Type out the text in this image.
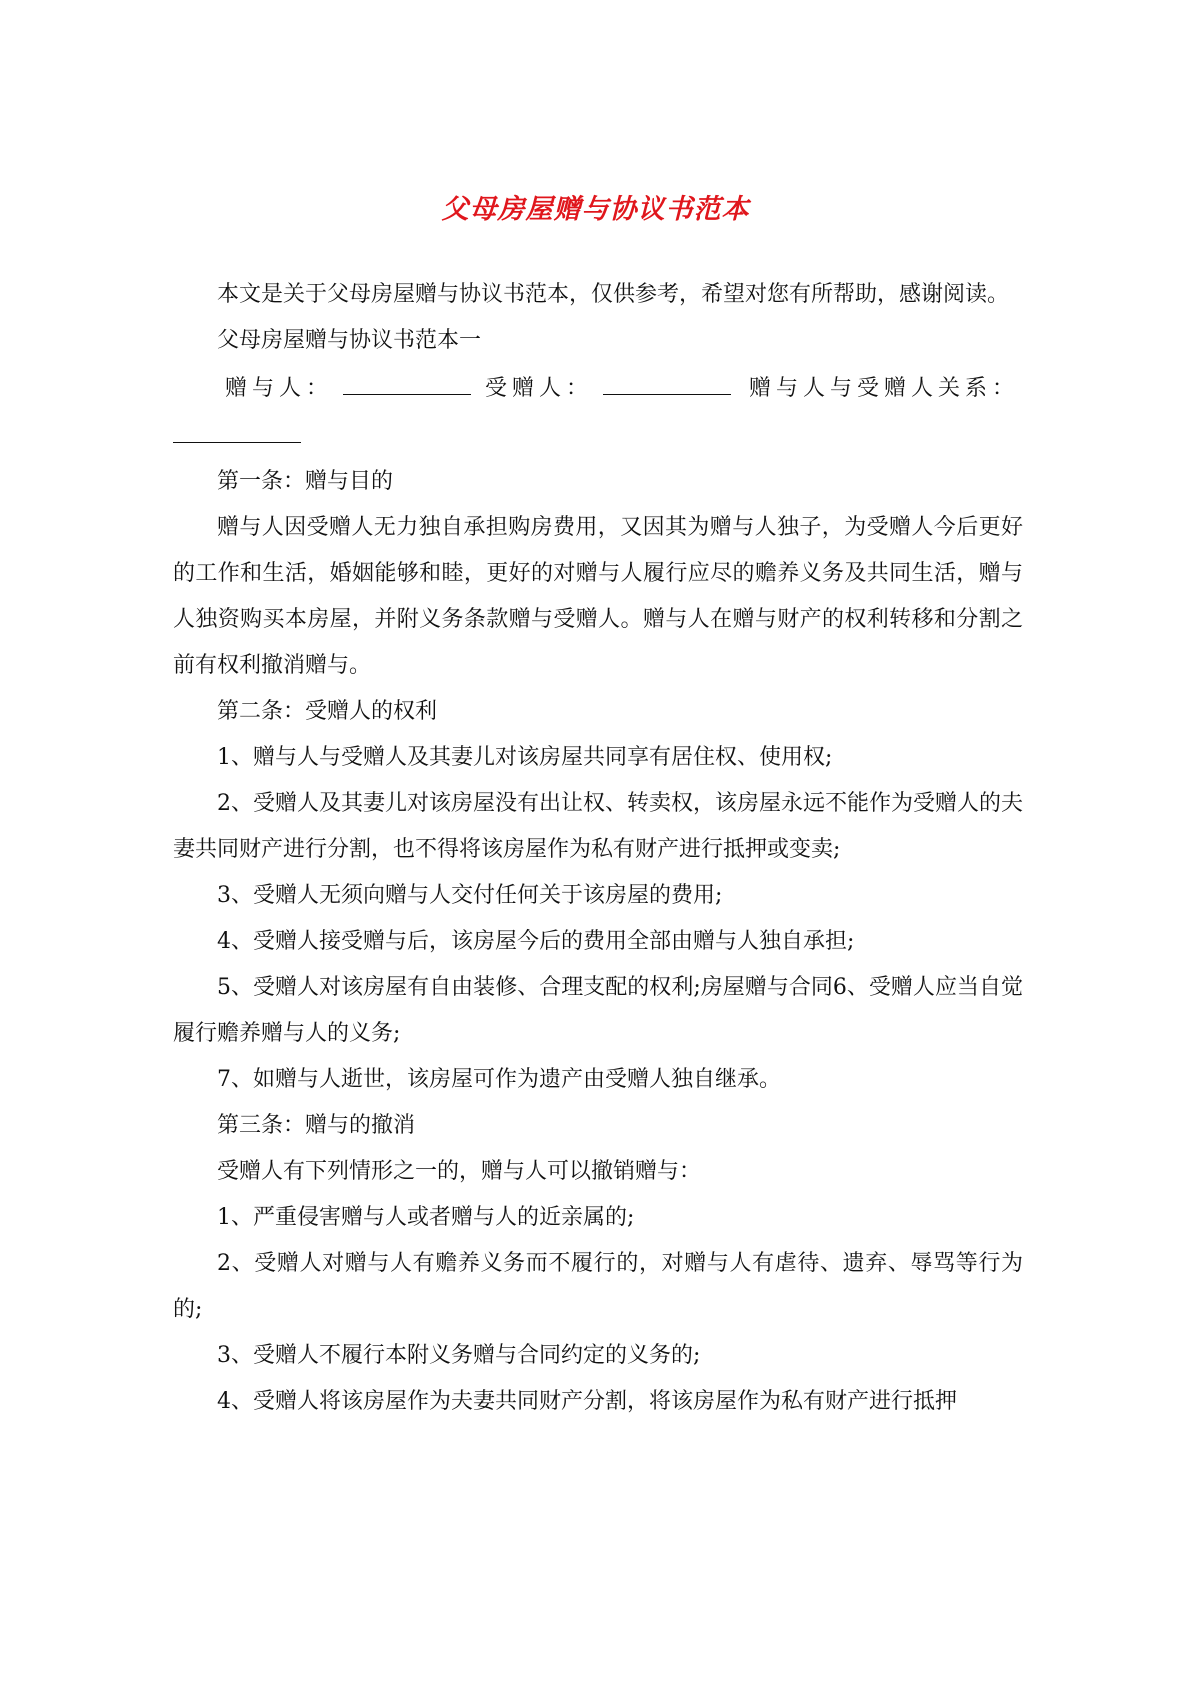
父母房屋赠与协议书范本

本文是关于父母房屋赠与协议书范本，仅供参考，希望对您有所帮助，感谢阅读。

父母房屋赠与协议书范本一

赠与人：	受赠人：	赠与人与受赠人关系：

第一条：赠与目的

赠与人因受赠人无力独自承担购房费用，又因其为赠与人独子，为受赠人今后更好的工作和生活，婚姻能够和睦，更好的对赠与人履行应尽的赡养义务及共同生活，赠与人独资购买本房屋，并附义务条款赠与受赠人。赠与人在赠与财产的权利转移和分割之前有权利撤消赠与。

第二条：受赠人的权利

1、赠与人与受赠人及其妻儿对该房屋共同享有居住权、使用权;

2、受赠人及其妻儿对该房屋没有出让权、转卖权，该房屋永远不能作为受赠人的夫妻共同财产进行分割，也不得将该房屋作为私有财产进行抵押或变卖;

3、受赠人无须向赠与人交付任何关于该房屋的费用;

4、受赠人接受赠与后，该房屋今后的费用全部由赠与人独自承担;

5、受赠人对该房屋有自由装修、合理支配的权利;房屋赠与合同6、受赠人应当自觉履行赡养赠与人的义务;

7、如赠与人逝世，该房屋可作为遗产由受赠人独自继承。

第三条：赠与的撤消

受赠人有下列情形之一的，赠与人可以撤销赠与：

1、严重侵害赠与人或者赠与人的近亲属的;

2、受赠人对赠与人有赡养义务而不履行的，对赠与人有虐待、遗弃、辱骂等行为的;

3、受赠人不履行本附义务赠与合同约定的义务的;

4、受赠人将该房屋作为夫妻共同财产分割，将该房屋作为私有财产进行抵押
